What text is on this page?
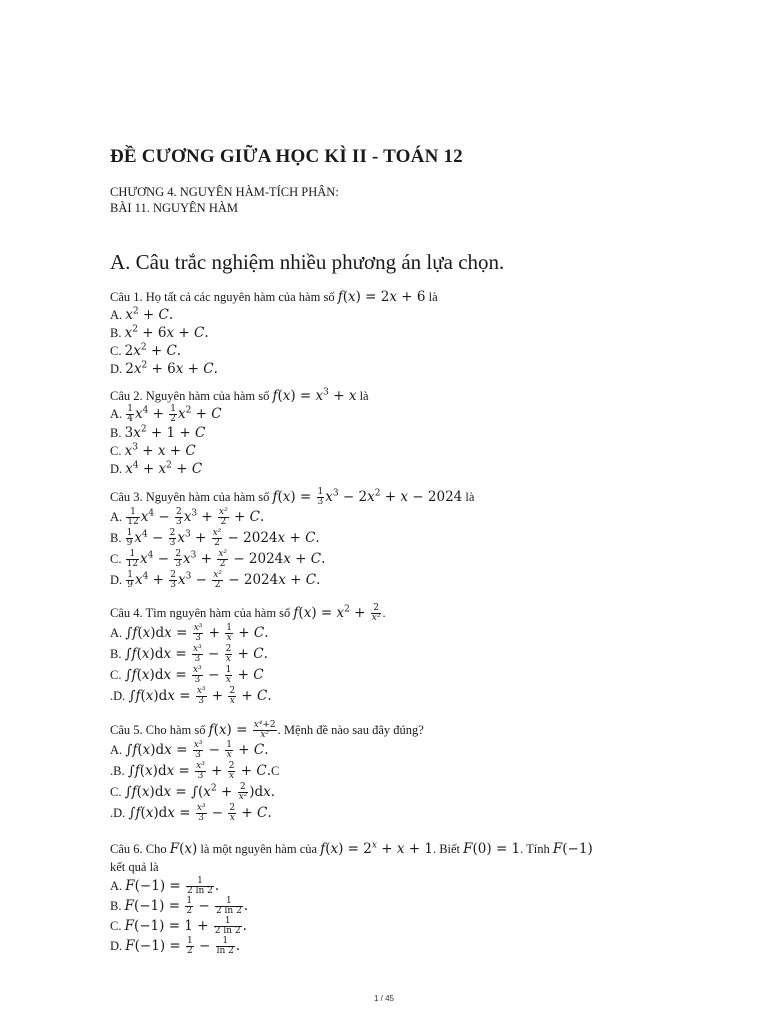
ĐỀ CƯƠNG GIỮA HỌC KÌ II - TOÁN 12
CHƯƠNG 4. NGUYÊN HÀM-TÍCH PHÂN:
BÀI 11. NGUYÊN HÀM
A. Câu trắc nghiệm nhiều phương án lựa chọn.
Câu 1. Họ tất cả các nguyên hàm của hàm số f(x) = 2x + 6 là
A. $x^2 + C$.
B. $x^2 + 6x + C$.
C. $2x^2 + C$.
D. $2x^2 + 6x + C$.
Câu 2. Nguyên hàm của hàm số $f(x) = x^3 + x$ là
A. $\frac{1}{4} x^4 + \frac{1}{2} x^2 + C$
B. $3x^2 + 1 + C$
C. $x^3 + x + C$
D. $x^4 + x^2 + C$
Câu 3. Nguyên hàm của hàm số $f(x) = \frac{1}{3} x^3 - 2x^2 + x - 2024$ là
A. $\frac{1}{12} x^4 - \frac{2}{3} x^3 + \frac{\text{x²}}{2} + C$.
B. $\frac{1}{9} x^4 - \frac{2}{3} x^3 + \frac{\text{x²}}{2} - 2024x + C$.
C. $\frac{1}{12} x^4 - \frac{2}{3} x^3 + \frac{\text{x²}}{2} - 2024x + C$.
D. $\frac{1}{9} x^4 + \frac{2}{3} x^3 - \frac{\text{x²}}{2} - 2024x + C$.
Câu 4. Tìm nguyên hàm của hàm số $f(x) = x^2 + \frac{2}{\text{x²}}$ .
A. $\int f(x)dx = \frac{\text{x³}}{3} + \frac{1}{x} + C$.
B. $\int f(x)dx = \frac{\text{x³}}{3} - \frac{2}{x} + C$.
C. $\int f(x)dx = \frac{\text{x³}}{3} - \frac{1}{x} + C$
.D. $\int f(x)dx = \frac{\text{x³}}{3} + \frac{2}{x} + C$.
Câu 5. Cho hàm số $f(x) = \frac{\text{x⁴+2}}{\text{x²}}$ . Mệnh đề nào sau đây đúng?
A. $\int f(x)dx = \frac{\text{x³}}{3} - \frac{1}{x} + C$.
.B. $\int f(x)dx = \frac{\text{x³}}{3} + \frac{2}{x} + C.C$
C. $\int f(x)dx = \int(x^2 + \frac{2}{\text{x²}} )dx$.
.D. $\int f(x)dx = \frac{\text{x³}}{3} - \frac{2}{x} + C$.
Câu 6. Cho F(x) là một nguyên hàm của $f(x) = 2^x + x + 1$. Biết F(0) = 1. Tính F(−1)
kết quả là
A. $F(-1) = \frac{1}{2 \ln 2}$ .
B. $F(-1) = \frac{1}{2} - \frac{1}{2 \ln 2}$ .
C. $F(-1) = 1 + \frac{1}{2 \ln 2}$ .
D. $F(-1) = \frac{1}{2} - \frac{1}{\ln 2}$ .
1 / 45
